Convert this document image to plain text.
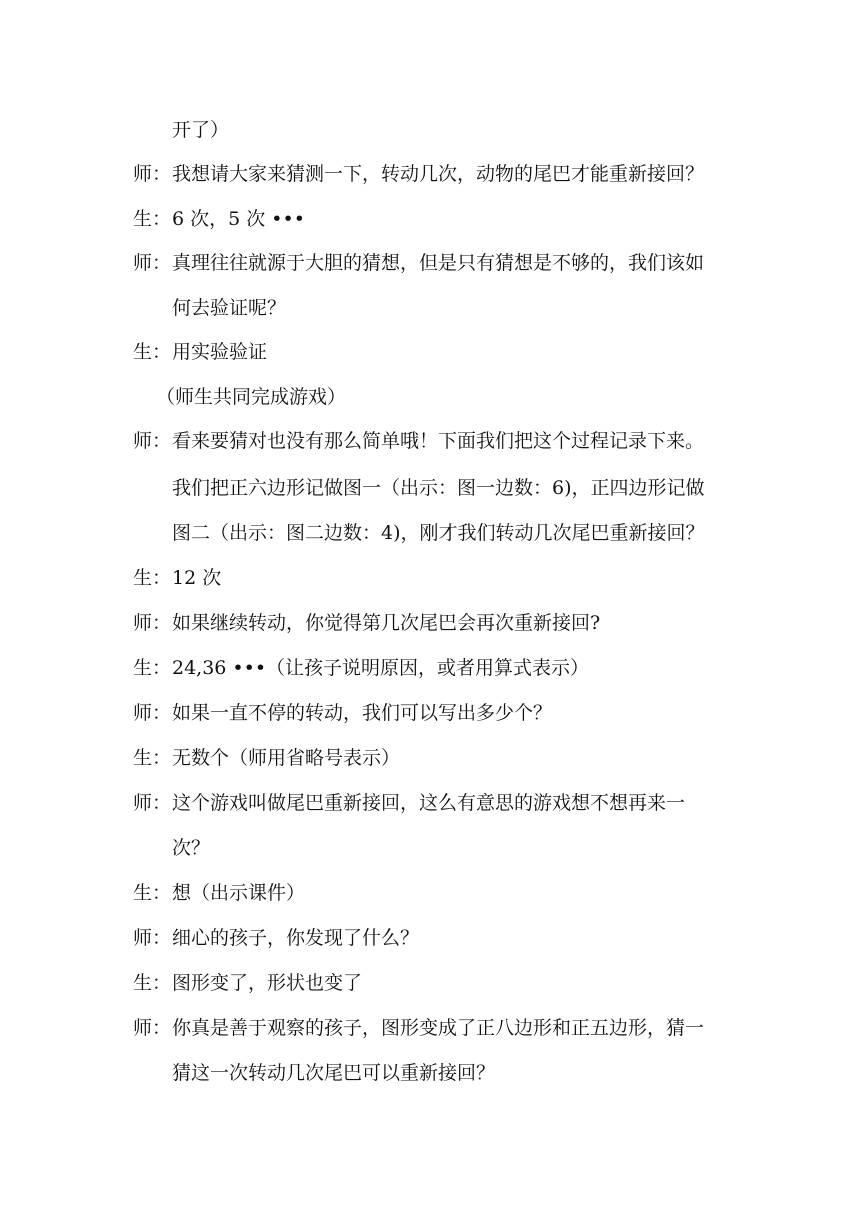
开了）
师： 我想请大家来猜测一下，转动几次，动物的尾巴才能重新接回？
生： 6 次，5 次 •••
师： 真理往往就源于大胆的猜想，但是只有猜想是不够的，我们该如
何去验证呢？
生： 用实验验证
（师生共同完成游戏）
师： 看来要猜对也没有那么简单哦！下面我们把这个过程记录下来。
我们把正六边形记做图一（出示：图一边数：6)，正四边形记做
图二（出示：图二边数：4)，刚才我们转动几次尾巴重新接回？
生： 12 次
师： 如果继续转动，你觉得第几次尾巴会再次重新接回?
生： 24,36 •••（让孩子说明原因，或者用算式表示）
师： 如果一直不停的转动，我们可以写出多少个？
生： 无数个（师用省略号表示）
师： 这个游戏叫做尾巴重新接回，这么有意思的游戏想不想再来一
次？
生： 想（出示课件）
师： 细心的孩子，你发现了什么？
生： 图形变了，形状也变了
师： 你真是善于观察的孩子，图形变成了正八边形和正五边形，猜一
猜这一次转动几次尾巴可以重新接回？
